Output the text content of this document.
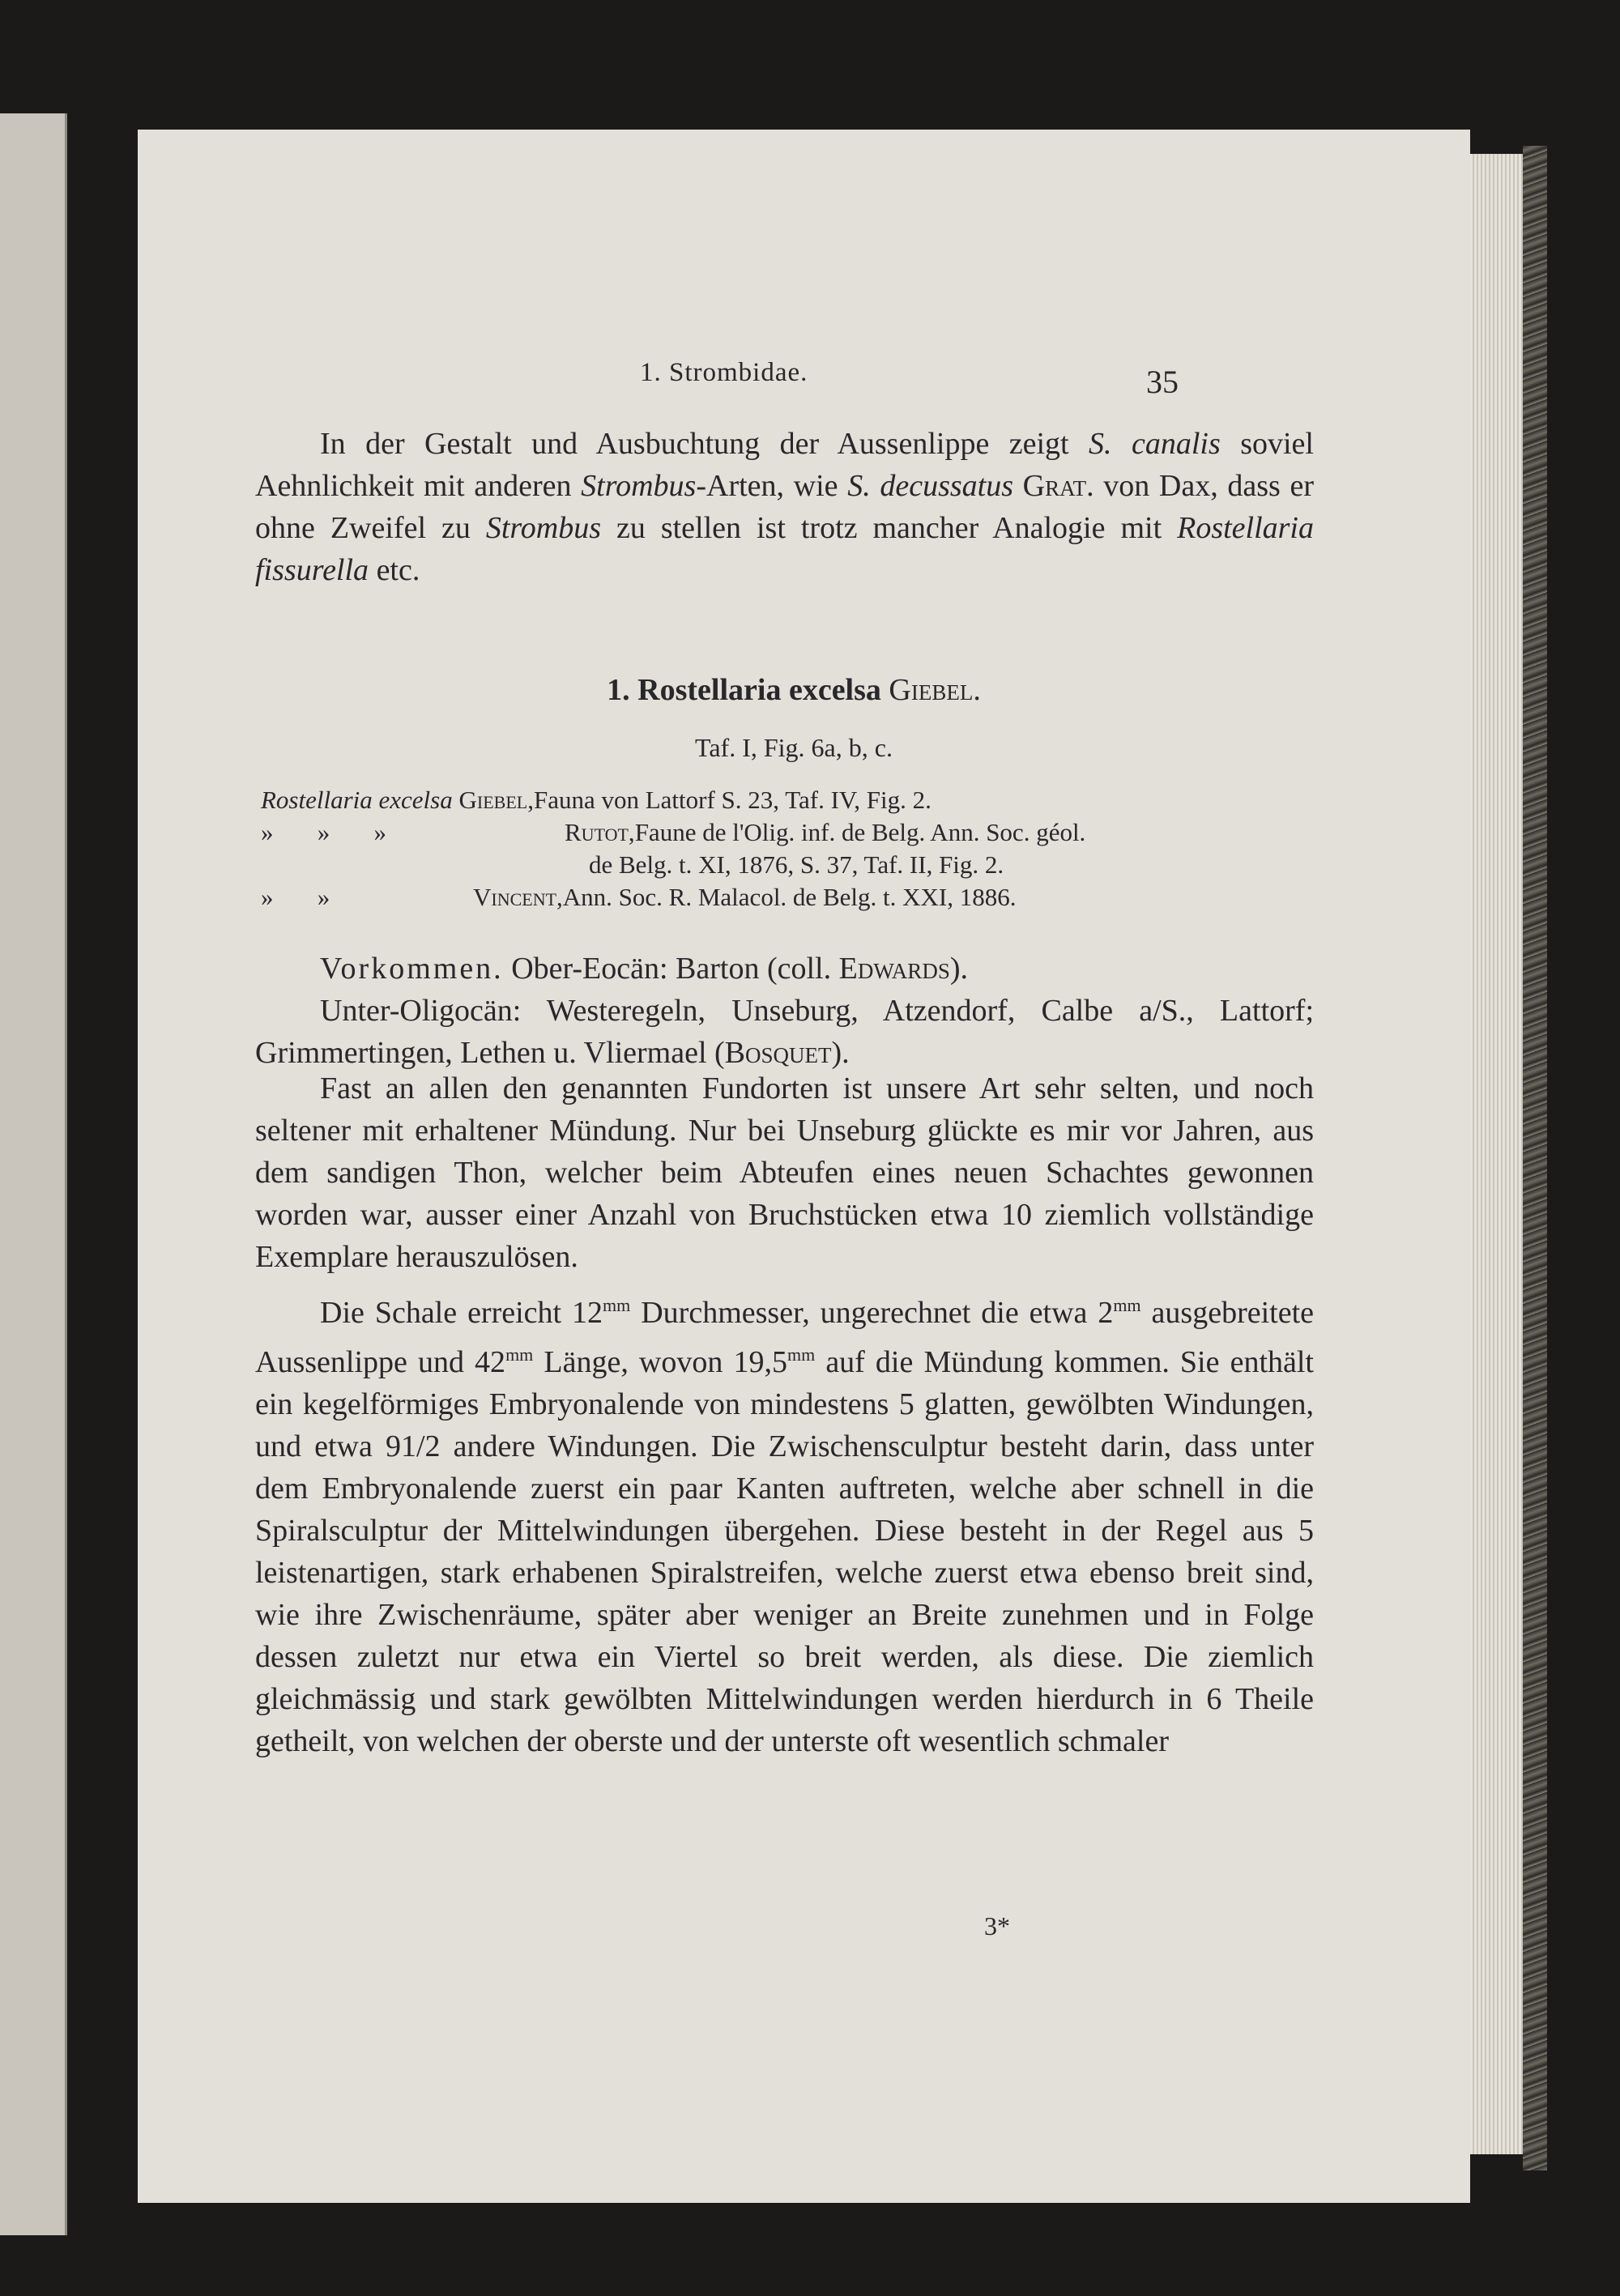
1. Strombidae.	35

In der Gestalt und Ausbuchtung der Aussenlippe zeigt S. canalis soviel Aehnlichkeit mit anderen Strombus-Arten, wie S. decussatus Grat. von Dax, dass er ohne Zweifel zu Strombus zu stellen ist trotz mancher Analogie mit Rostellaria fissurella etc.

1. Rostellaria excelsa Giebel.
Taf. I, Fig. 6a, b, c.
Rostellaria excelsa Giebel,Fauna von Lattorf S. 23, Taf. IV, Fig. 2.
»       »       »	Rutot,Faune de l'Olig. inf. de Belg. Ann. Soc. géol.
de Belg. t. XI, 1876, S. 37, Taf. II, Fig. 2.
»       »	Vincent,Ann. Soc. R. Malacol. de Belg. t. XXI, 1886.

Vorkommen. Ober-Eocän: Barton (coll. Edwards).

Unter-Oligocän: Westeregeln, Unseburg, Atzendorf, Calbe a/S., Lattorf; Grimmertingen, Lethen u. Vliermael (Bosquet).

Fast an allen den genannten Fundorten ist unsere Art sehr selten, und noch seltener mit erhaltener Mündung. Nur bei Unseburg glückte es mir vor Jahren, aus dem sandigen Thon, welcher beim Abteufen eines neuen Schachtes gewonnen worden war, ausser einer Anzahl von Bruchstücken etwa 10 ziemlich vollständige Exemplare herauszulösen.

Die Schale erreicht $12^{mm}$ Durchmesser, ungerechnet die etwa $2^{mm}$ ausgebreitete Aussenlippe und $42^{mm}$ Länge, wovon $19,5^{mm}$ auf die Mündung kommen. Sie enthält ein kegelförmiges Embryonalende von mindestens 5 glatten, gewölbten Windungen, und etwa 91/2 andere Windungen. Die Zwischensculptur besteht darin, dass unter dem Embryonalende zuerst ein paar Kanten auftreten, welche aber schnell in die Spiralsculptur der Mittelwindungen übergehen. Diese besteht in der Regel aus 5 leistenartigen, stark erhabenen Spiralstreifen, welche zuerst etwa ebenso breit sind, wie ihre Zwischenräume, später aber weniger an Breite zunehmen und in Folge dessen zuletzt nur etwa ein Viertel so breit werden, als diese. Die ziemlich gleichmässig und stark gewölbten Mittelwindungen werden hierdurch in 6 Theile getheilt, von welchen der oberste und der unterste oft wesentlich schmaler

3*
